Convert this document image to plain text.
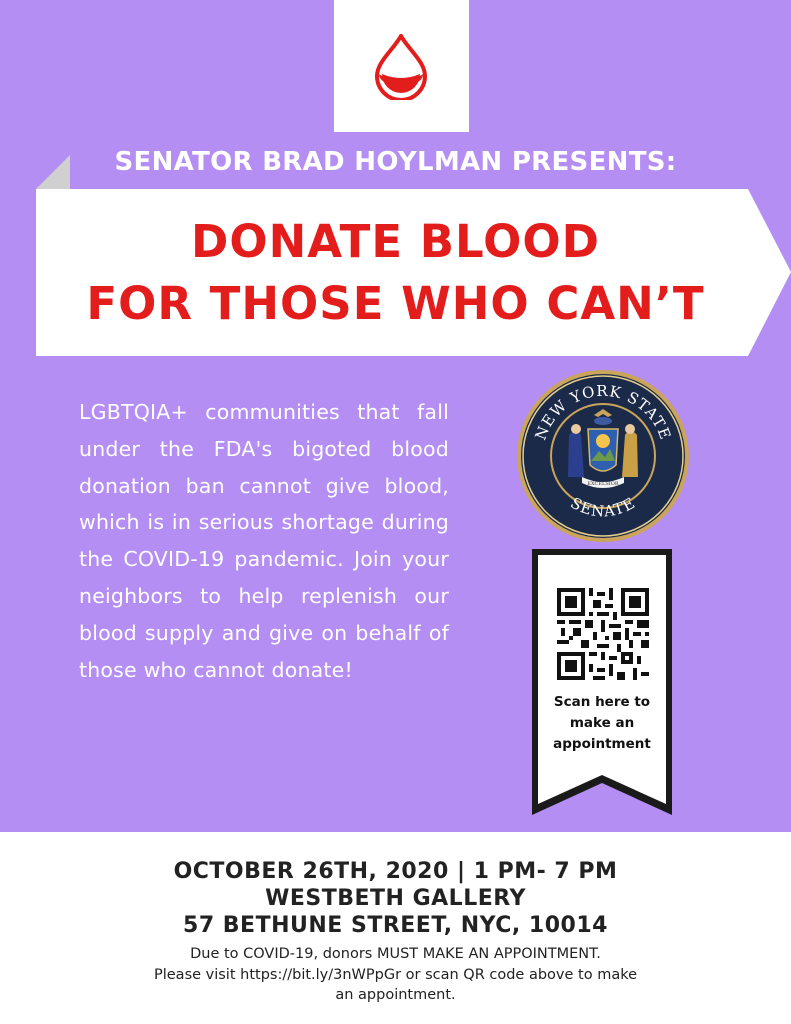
SENATOR BRAD HOYLMAN PRESENTS:
DONATE BLOOD
FOR THOSE WHO CAN’T
LGBTQIA+ communities that fall under the FDA's bigoted blood donation ban cannot give blood, which is in serious shortage during the COVID-19 pandemic. Join your neighbors to help replenish our blood supply and give on behalf of those who cannot donate!
NEW YORK STATE
SENATE
EXCELSIOR
Scan here to
make an
appointment
OCTOBER 26TH, 2020 | 1 PM- 7 PM
WESTBETH GALLERY
57 BETHUNE STREET, NYC, 10014
Due to COVID-19, donors MUST MAKE AN APPOINTMENT.
Please visit https://bit.ly/3nWPpGr or scan QR code above to make
an appointment.
